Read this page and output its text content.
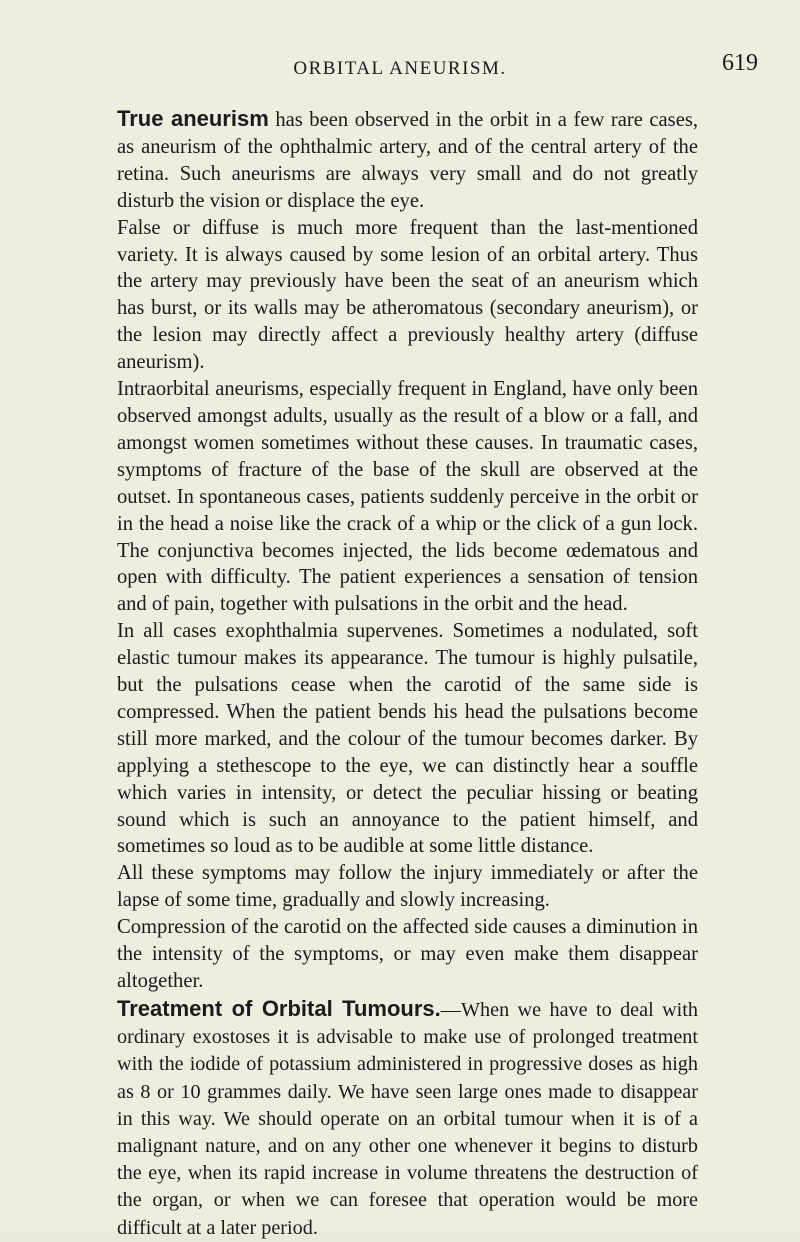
ORBITAL ANEURISM.	619

True aneurism has been observed in the orbit in a few rare cases, as aneurism of the ophthalmic artery, and of the central artery of the retina. Such aneurisms are always very small and do not greatly disturb the vision or displace the eye.

False or diffuse is much more frequent than the last-mentioned variety. It is always caused by some lesion of an orbital artery. Thus the artery may previously have been the seat of an aneurism which has burst, or its walls may be atheromatous (secondary aneurism), or the lesion may directly affect a previously healthy artery (diffuse aneurism).

Intraorbital aneurisms, especially frequent in England, have only been observed amongst adults, usually as the result of a blow or a fall, and amongst women sometimes without these causes. In traumatic cases, symptoms of fracture of the base of the skull are observed at the outset. In spontaneous cases, patients suddenly perceive in the orbit or in the head a noise like the crack of a whip or the click of a gun lock. The conjunctiva becomes injected, the lids become œdematous and open with difficulty. The patient experiences a sensation of tension and of pain, together with pulsations in the orbit and the head.

In all cases exophthalmia supervenes. Sometimes a nodulated, soft elastic tumour makes its appearance. The tumour is highly pulsatile, but the pulsations cease when the carotid of the same side is compressed. When the patient bends his head the pulsations become still more marked, and the colour of the tumour becomes darker. By applying a stethescope to the eye, we can distinctly hear a souffle which varies in intensity, or detect the peculiar hissing or beating sound which is such an annoyance to the patient himself, and sometimes so loud as to be audible at some little distance.

All these symptoms may follow the injury immediately or after the lapse of some time, gradually and slowly increasing.

Compression of the carotid on the affected side causes a diminution in the intensity of the symptoms, or may even make them disappear altogether.

Treatment of Orbital Tumours.—When we have to deal with ordinary exostoses it is advisable to make use of prolonged treatment with the iodide of potassium administered in progressive doses as high as 8 or 10 grammes daily. We have seen large ones made to disappear in this way. We should operate on an orbital tumour when it is of a malignant nature, and on any other one whenever it begins to disturb the eye, when its rapid increase in volume threatens the destruction of the organ, or when we can foresee that operation would be more difficult at a later period.
